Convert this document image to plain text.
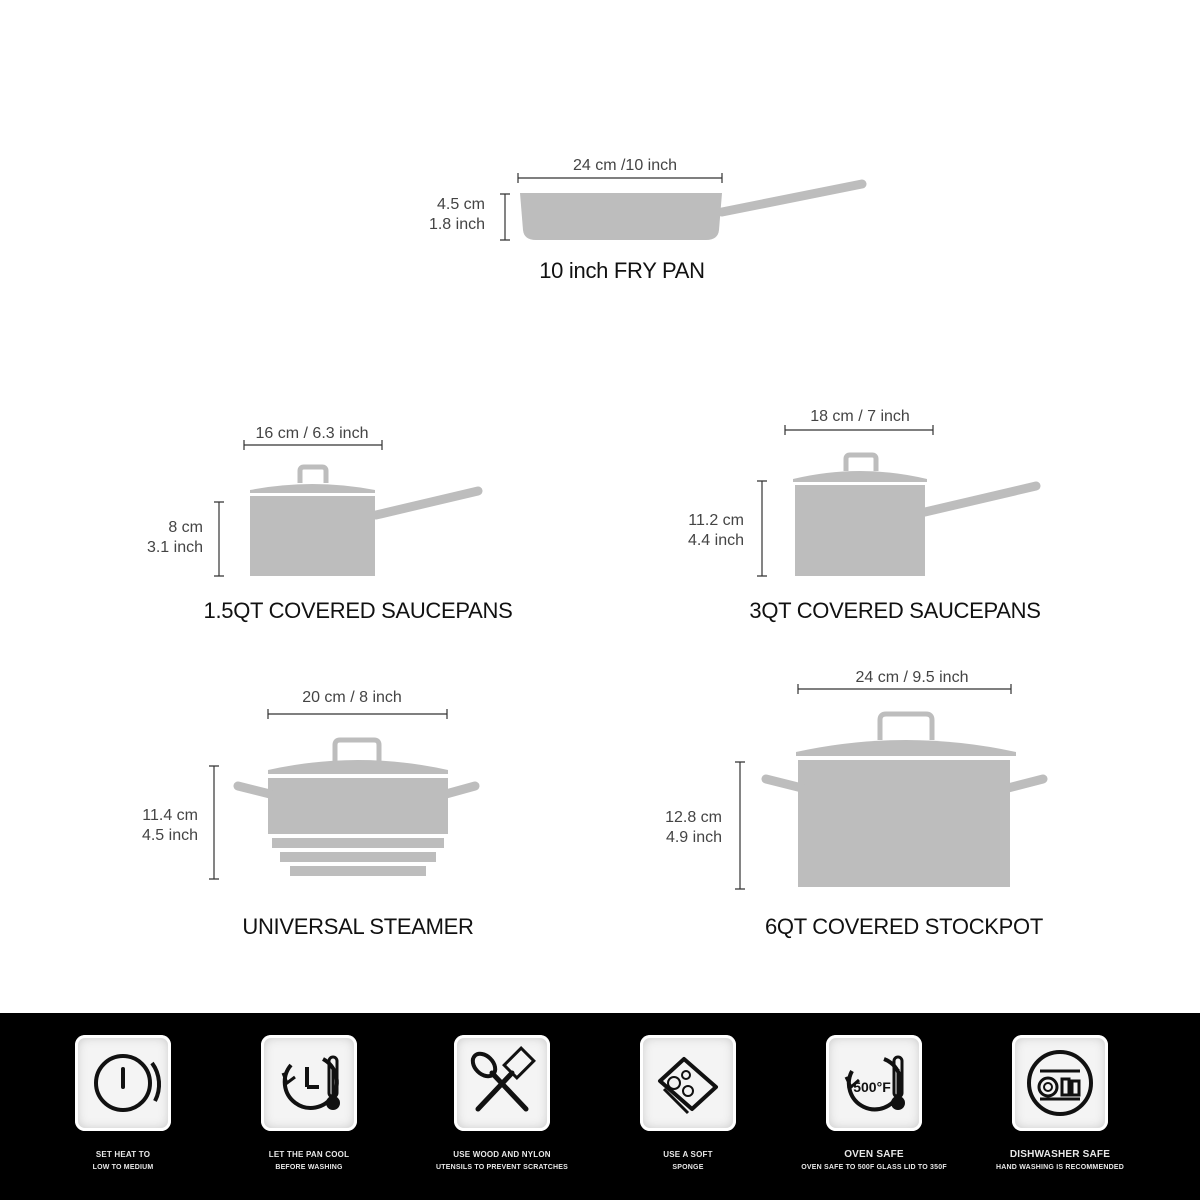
24 cm /10 inch
4.5 cm
1.8 inch
10 inch FRY PAN
16 cm / 6.3 inch
8 cm
3.1 inch
1.5QT COVERED SAUCEPANS
18 cm / 7 inch
11.2 cm
4.4 inch
3QT COVERED SAUCEPANS
20 cm / 8 inch
11.4 cm
4.5 inch
UNIVERSAL STEAMER
24 cm / 9.5 inch
12.8 cm
4.9 inch
6QT COVERED STOCKPOT
SET HEAT TO
LOW TO MEDIUM
LET THE PAN COOL
BEFORE WASHING
USE WOOD AND NYLON
UTENSILS TO PREVENT SCRATCHES
USE A SOFT
SPONGE
500°F
OVEN SAFE
OVEN SAFE TO 500F GLASS LID TO 350F
DISHWASHER SAFE
HAND WASHING IS RECOMMENDED
